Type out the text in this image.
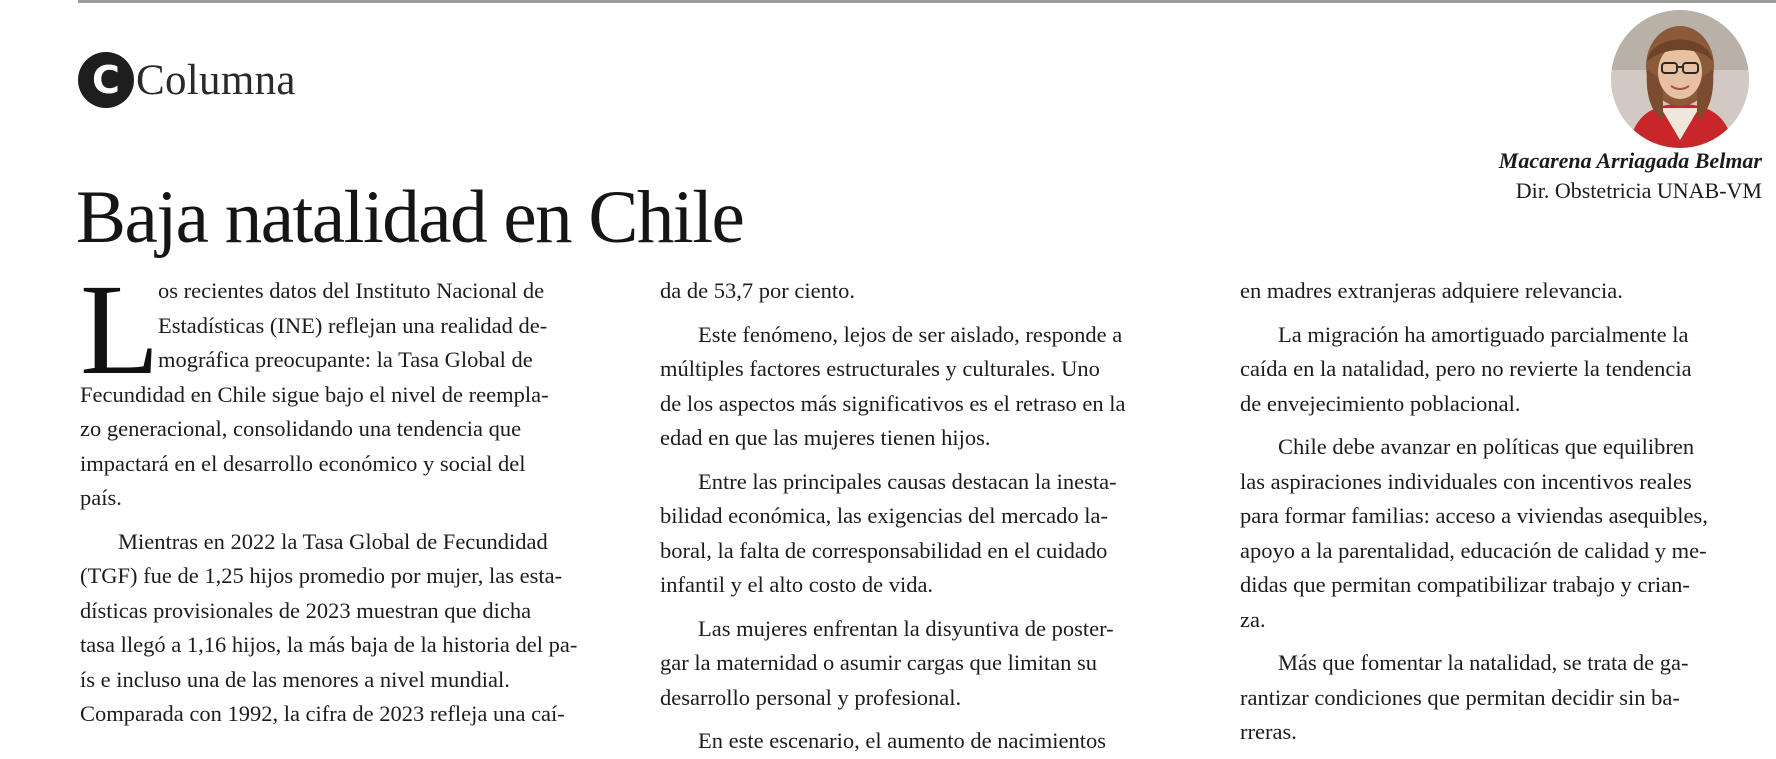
C Columna
Baja natalidad en Chile
Macarena Arriagada Belmar
Dir. Obstetricia UNAB-VM
L
os recientes datos del Instituto Nacional de
Estadísticas (INE) reflejan una realidad de-
mográfica preocupante: la Tasa Global de
Fecundidad en Chile sigue bajo el nivel de reempla-
zo generacional, consolidando una tendencia que
impactará en el desarrollo económico y social del
país.
Mientras en 2022 la Tasa Global de Fecundidad
(TGF) fue de 1,25 hijos promedio por mujer, las esta-
dísticas provisionales de 2023 muestran que dicha
tasa llegó a 1,16 hijos, la más baja de la historia del pa-
ís e incluso una de las menores a nivel mundial.
Comparada con 1992, la cifra de 2023 refleja una caí-
da de 53,7 por ciento.
Este fenómeno, lejos de ser aislado, responde a
múltiples factores estructurales y culturales. Uno
de los aspectos más significativos es el retraso en la
edad en que las mujeres tienen hijos.
Entre las principales causas destacan la inesta-
bilidad económica, las exigencias del mercado la-
boral, la falta de corresponsabilidad en el cuidado
infantil y el alto costo de vida.
Las mujeres enfrentan la disyuntiva de poster-
gar la maternidad o asumir cargas que limitan su
desarrollo personal y profesional.
En este escenario, el aumento de nacimientos
en madres extranjeras adquiere relevancia.
La migración ha amortiguado parcialmente la
caída en la natalidad, pero no revierte la tendencia
de envejecimiento poblacional.
Chile debe avanzar en políticas que equilibren
las aspiraciones individuales con incentivos reales
para formar familias: acceso a viviendas asequibles,
apoyo a la parentalidad, educación de calidad y me-
didas que permitan compatibilizar trabajo y crian-
za.
Más que fomentar la natalidad, se trata de ga-
rantizar condiciones que permitan decidir sin ba-
rreras.
